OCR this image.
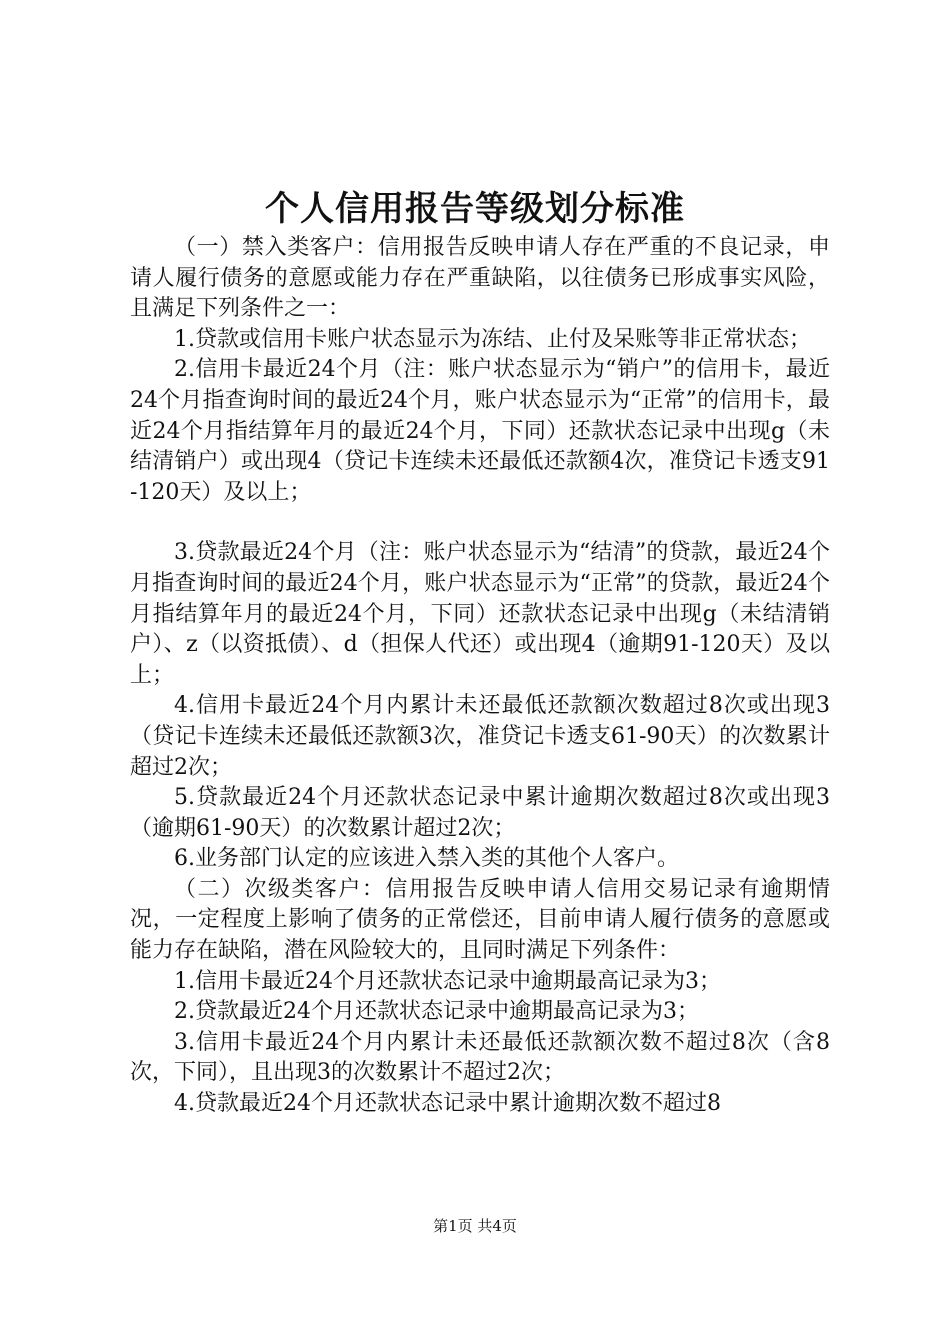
个人信用报告等级划分标准

（一）禁入类客户：信用报告反映申请人存在严重的不良记录，申请人履行债务的意愿或能力存在严重缺陷，以往债务已形成事实风险，且满足下列条件之一：

1.贷款或信用卡账户状态显示为冻结、止付及呆账等非正常状态；

2.信用卡最近24个月（注：账户状态显示为“销户”的信用卡，最近24个月指查询时间的最近24个月，账户状态显示为“正常”的信用卡，最近24个月指结算年月的最近24个月，下同）还款状态记录中出现g（未结清销户）或出现4（贷记卡连续未还最低还款额4次，准贷记卡透支91-120天）及以上；

3.贷款最近24个月（注：账户状态显示为“结清”的贷款，最近24个月指查询时间的最近24个月，账户状态显示为“正常”的贷款，最近24个月指结算年月的最近24个月，下同）还款状态记录中出现g（未结清销户）、z（以资抵债）、d（担保人代还）或出现4（逾期91-120天）及以上；

4.信用卡最近24个月内累计未还最低还款额次数超过8次或出现3（贷记卡连续未还最低还款额3次，准贷记卡透支61-90天）的次数累计超过2次；

5.贷款最近24个月还款状态记录中累计逾期次数超过8次或出现3（逾期61-90天）的次数累计超过2次；

6.业务部门认定的应该进入禁入类的其他个人客户。

（二）次级类客户：信用报告反映申请人信用交易记录有逾期情况，一定程度上影响了债务的正常偿还，目前申请人履行债务的意愿或能力存在缺陷，潜在风险较大的，且同时满足下列条件：

1.信用卡最近24个月还款状态记录中逾期最高记录为3；

2.贷款最近24个月还款状态记录中逾期最高记录为3；

3.信用卡最近24个月内累计未还最低还款额次数不超过8次（含8次，下同），且出现3的次数累计不超过2次；

4.贷款最近24个月还款状态记录中累计逾期次数不超过8

第1页 共4页
